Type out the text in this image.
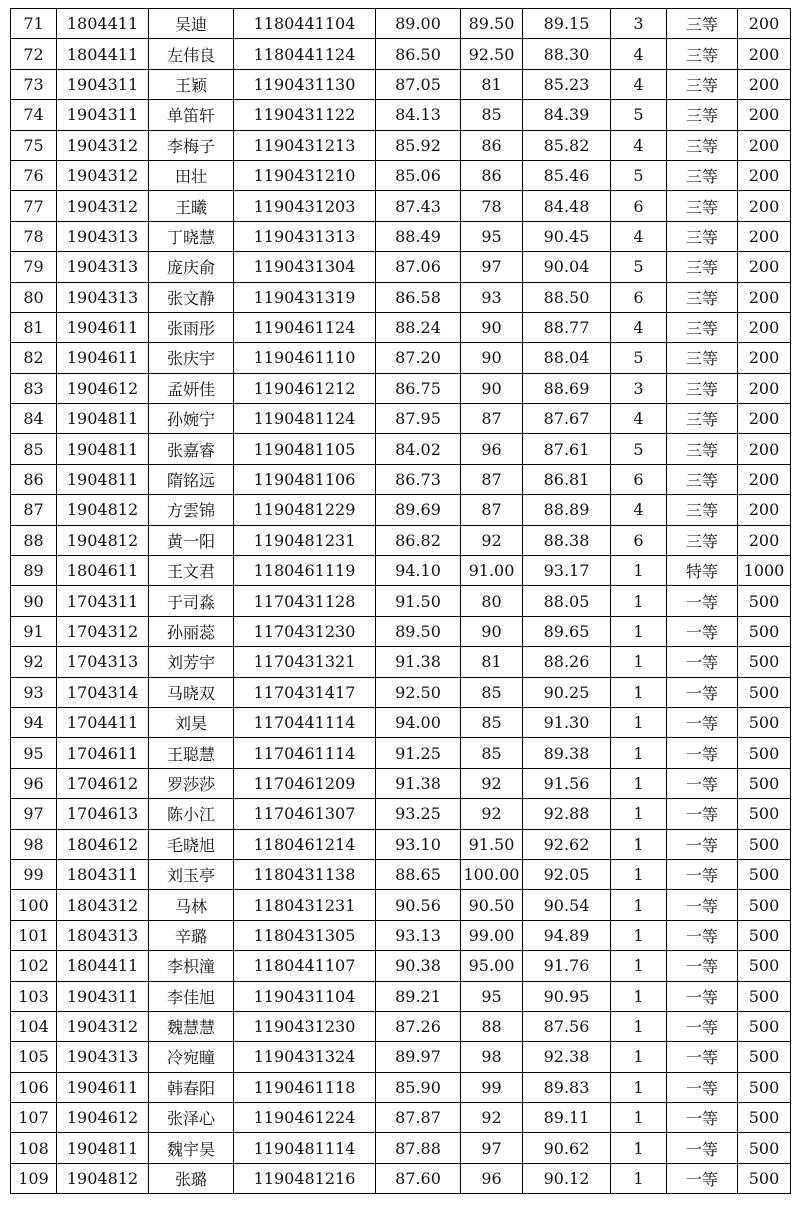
71	1804411	吴迪	1180441104	89.00	89.50	89.15	3	三等	200
72	1804411	左伟良	1180441124	86.50	92.50	88.30	4	三等	200
73	1904311	王颖	1190431130	87.05	81	85.23	4	三等	200
74	1904311	单笛轩	1190431122	84.13	85	84.39	5	三等	200
75	1904312	李梅子	1190431213	85.92	86	85.82	4	三等	200
76	1904312	田壮	1190431210	85.06	86	85.46	5	三等	200
77	1904312	王曦	1190431203	87.43	78	84.48	6	三等	200
78	1904313	丁晓慧	1190431313	88.49	95	90.45	4	三等	200
79	1904313	庞庆俞	1190431304	87.06	97	90.04	5	三等	200
80	1904313	张文静	1190431319	86.58	93	88.50	6	三等	200
81	1904611	张雨彤	1190461124	88.24	90	88.77	4	三等	200
82	1904611	张庆宇	1190461110	87.20	90	88.04	5	三等	200
83	1904612	孟妍佳	1190461212	86.75	90	88.69	3	三等	200
84	1904811	孙婉宁	1190481124	87.95	87	87.67	4	三等	200
85	1904811	张嘉睿	1190481105	84.02	96	87.61	5	三等	200
86	1904811	隋铭远	1190481106	86.73	87	86.81	6	三等	200
87	1904812	方雲锦	1190481229	89.69	87	88.89	4	三等	200
88	1904812	黄一阳	1190481231	86.82	92	88.38	6	三等	200
89	1804611	王文君	1180461119	94.10	91.00	93.17	1	特等	1000
90	1704311	于司淼	1170431128	91.50	80	88.05	1	一等	500
91	1704312	孙丽蕊	1170431230	89.50	90	89.65	1	一等	500
92	1704313	刘芳宇	1170431321	91.38	81	88.26	1	一等	500
93	1704314	马晓双	1170431417	92.50	85	90.25	1	一等	500
94	1704411	刘昊	1170441114	94.00	85	91.30	1	一等	500
95	1704611	王聪慧	1170461114	91.25	85	89.38	1	一等	500
96	1704612	罗莎莎	1170461209	91.38	92	91.56	1	一等	500
97	1704613	陈小江	1170461307	93.25	92	92.88	1	一等	500
98	1804612	毛晓旭	1180461214	93.10	91.50	92.62	1	一等	500
99	1804311	刘玉亭	1180431138	88.65	100.00	92.05	1	一等	500
100	1804312	马林	1180431231	90.56	90.50	90.54	1	一等	500
101	1804313	辛璐	1180431305	93.13	99.00	94.89	1	一等	500
102	1804411	李枳潼	1180441107	90.38	95.00	91.76	1	一等	500
103	1904311	李佳旭	1190431104	89.21	95	90.95	1	一等	500
104	1904312	魏慧慧	1190431230	87.26	88	87.56	1	一等	500
105	1904313	冷宛瞳	1190431324	89.97	98	92.38	1	一等	500
106	1904611	韩春阳	1190461118	85.90	99	89.83	1	一等	500
107	1904612	张泽心	1190461224	87.87	92	89.11	1	一等	500
108	1904811	魏宇昊	1190481114	87.88	97	90.62	1	一等	500
109	1904812	张璐	1190481216	87.60	96	90.12	1	一等	500
